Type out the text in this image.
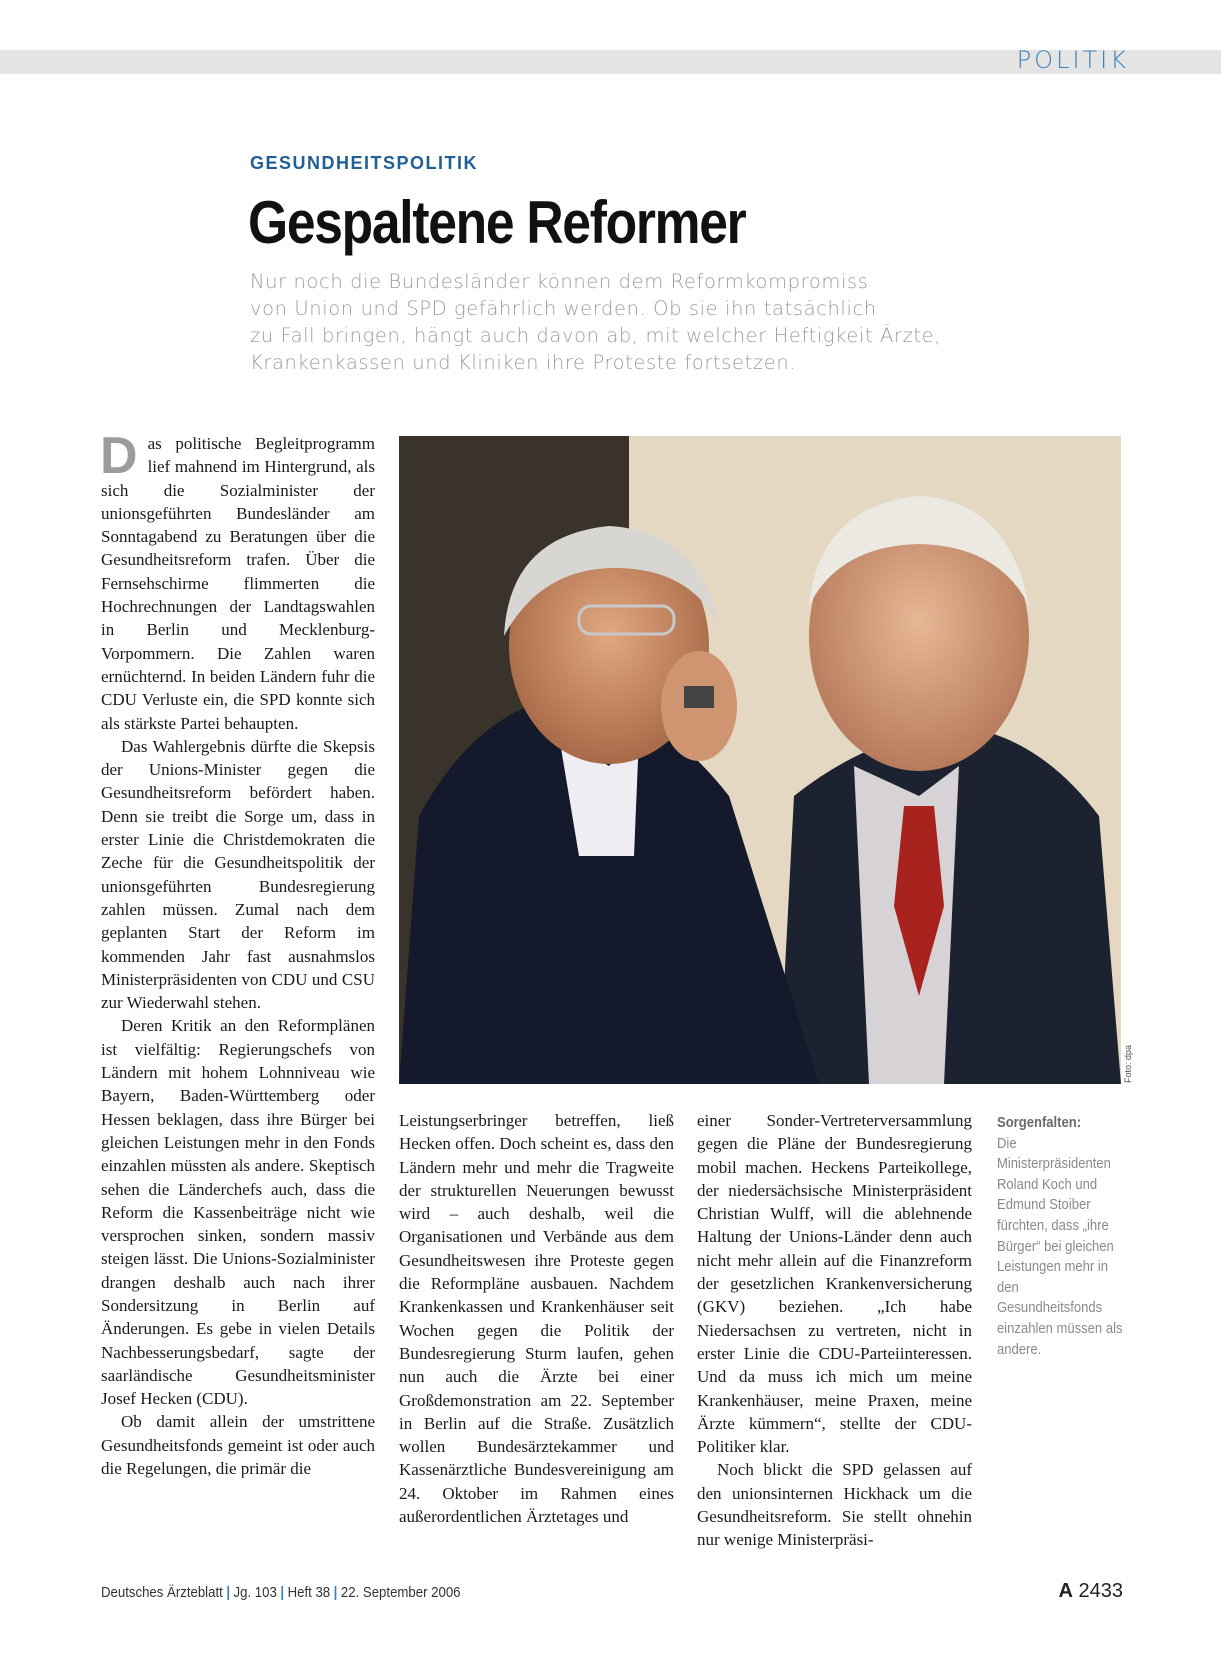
POLITIK
GESUNDHEITSPOLITIK
Gespaltene Reformer
Nur noch die Bundesländer können dem Reformkompromiss
von Union und SPD gefährlich werden. Ob sie ihn tatsächlich
zu Fall bringen, hängt auch davon ab, mit welcher Heftigkeit Ärzte,
Krankenkassen und Kliniken ihre Proteste fortsetzen.

Das politische Begleitprogramm lief mahnend im Hintergrund, als sich die Sozialminister der unionsgeführten Bundesländer am Sonntagabend zu Beratungen über die Gesundheitsreform trafen. Über die Fernsehschirme flimmerten die Hochrechnungen der Landtagswahlen in Berlin und Mecklenburg-Vorpommern. Die Zahlen waren ernüchternd. In beiden Ländern fuhr die CDU Verluste ein, die SPD konnte sich als stärkste Partei behaupten.

Das Wahlergebnis dürfte die Skepsis der Unions-Minister gegen die Gesundheitsreform befördert haben. Denn sie treibt die Sorge um, dass in erster Linie die Christdemokraten die Zeche für die Gesundheitspolitik der unionsgeführten Bundesregierung zahlen müssen. Zumal nach dem geplanten Start der Reform im kommenden Jahr fast ausnahmslos Ministerpräsidenten von CDU und CSU zur Wiederwahl stehen.

Deren Kritik an den Reformplänen ist vielfältig: Regierungschefs von Ländern mit hohem Lohnniveau wie Bayern, Baden-Württemberg oder Hessen beklagen, dass ihre Bürger bei gleichen Leistungen mehr in den Fonds einzahlen müssten als andere. Skeptisch sehen die Länderchefs auch, dass die Reform die Kassenbeiträge nicht wie versprochen sinken, sondern massiv steigen lässt. Die Unions-Sozialminister drangen deshalb auch nach ihrer Sondersitzung in Berlin auf Änderungen. Es gebe in vielen Details Nachbesserungsbedarf, sagte der saarländische Gesundheitsminister Josef Hecken (CDU).

Ob damit allein der umstrittene Gesundheitsfonds gemeint ist oder auch die Regelungen, die primär die

Foto: dpa

Leistungserbringer betreffen, ließ Hecken offen. Doch scheint es, dass den Ländern mehr und mehr die Tragweite der strukturellen Neuerungen bewusst wird – auch deshalb, weil die Organisationen und Verbände aus dem Gesundheitswesen ihre Proteste gegen die Reformpläne ausbauen. Nachdem Krankenkassen und Krankenhäuser seit Wochen gegen die Politik der Bundesregierung Sturm laufen, gehen nun auch die Ärzte bei einer Großdemonstration am 22. September in Berlin auf die Straße. Zusätzlich wollen Bundesärztekammer und Kassenärztliche Bundesvereinigung am 24. Oktober im Rahmen eines außerordentlichen Ärztetages und

einer Sonder-Vertreterversammlung gegen die Pläne der Bundesregierung mobil machen. Heckens Parteikollege, der niedersächsische Ministerpräsident Christian Wulff, will die ablehnende Haltung der Unions-Länder denn auch nicht mehr allein auf die Finanzreform der gesetzlichen Krankenversicherung (GKV) beziehen. „Ich habe Niedersachsen zu vertreten, nicht in erster Linie die CDU-Parteiinteressen. Und da muss ich mich um meine Krankenhäuser, meine Praxen, meine Ärzte kümmern“, stellte der CDU-Politiker klar.

Noch blickt die SPD gelassen auf den unionsinternen Hickhack um die Gesundheitsreform. Sie stellt ohnehin nur wenige Ministerpräsi-

Sorgenfalten:
Die Ministerpräsidenten Roland Koch und Edmund Stoiber fürchten, dass „ihre Bürger“ bei gleichen Leistungen mehr in den Gesundheitsfonds einzahlen müssen als andere.
Deutsches Ärzteblatt | Jg. 103 | Heft 38 | 22. September 2006	A 2433
